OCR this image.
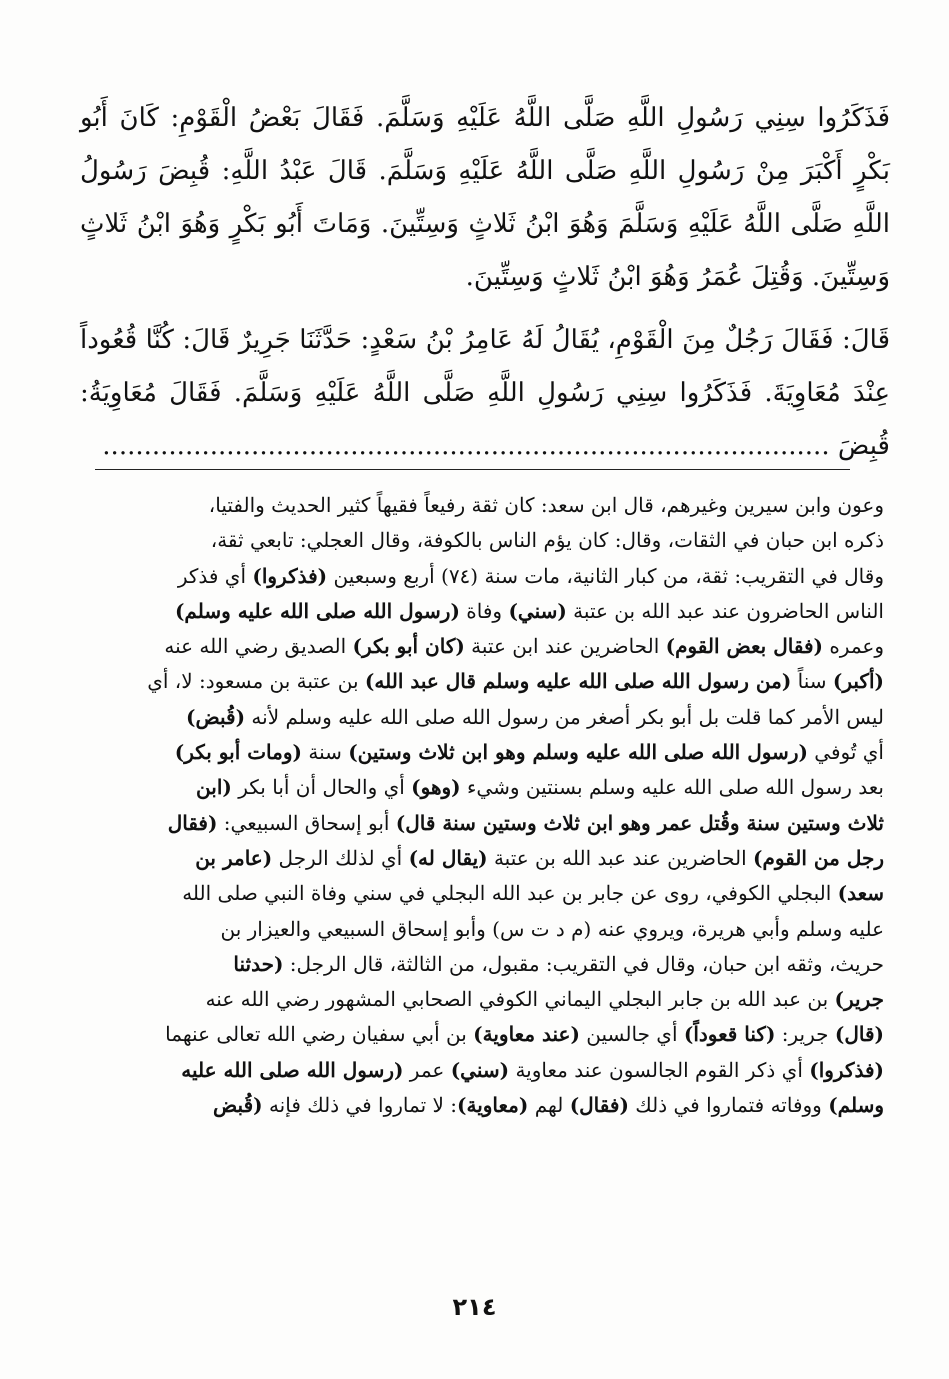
فَذَكَرُوا سِنِي رَسُولِ اللَّهِ صَلَّى اللَّهُ عَلَيْهِ وَسَلَّمَ. فَقَالَ بَعْضُ الْقَوْمِ: كَانَ أَبُو بَكْرٍ أَكْبَرَ مِنْ رَسُولِ اللَّهِ صَلَّى اللَّهُ عَلَيْهِ وَسَلَّمَ. قَالَ عَبْدُ اللَّهِ: قُبِضَ رَسُولُ اللَّهِ صَلَّى اللَّهُ عَلَيْهِ وَسَلَّمَ وَهُوَ ابْنُ ثَلاثٍ وَسِتِّينَ. وَمَاتَ أَبُو بَكْرٍ وَهُوَ ابْنُ ثَلاثٍ وَسِتِّينَ. وَقُتِلَ عُمَرُ وَهُوَ ابْنُ ثَلاثٍ وَسِتِّينَ.

قَالَ: فَقَالَ رَجُلٌ مِنَ الْقَوْمِ، يُقَالُ لَهُ عَامِرُ بْنُ سَعْدٍ: حَدَّثَنَا جَرِيرٌ قَالَ: كُنَّا قُعُوداً عِنْدَ مُعَاوِيَةَ. فَذَكَرُوا سِنِي رَسُولِ اللَّهِ صَلَّى اللَّهُ عَلَيْهِ وَسَلَّمَ. فَقَالَ مُعَاوِيَةُ: قُبِضَ ........................................................................................

وعون وابن سيرين وغيرهم، قال ابن سعد: كان ثقة رفيعاً فقيهاً كثير الحديث والفتيا،
ذكره ابن حبان في الثقات، وقال: كان يؤم الناس بالكوفة، وقال العجلي: تابعي ثقة،
وقال في التقريب: ثقة، من كبار الثانية، مات سنة (٧٤) أربع وسبعين (فذكروا) أي فذكر
الناس الحاضرون عند عبد الله بن عتبة (سني) وفاة (رسول الله صلى الله عليه وسلم)
وعمره (فقال بعض القوم) الحاضرين عند ابن عتبة (كان أبو بكر) الصديق رضي الله عنه
(أكبر) سناً (من رسول الله صلى الله عليه وسلم قال عبد الله) بن عتبة بن مسعود: لا، أي
ليس الأمر كما قلت بل أبو بكر أصغر من رسول الله صلى الله عليه وسلم لأنه (قُبض)
أي تُوفي (رسول الله صلى الله عليه وسلم وهو ابن ثلاث وستين) سنة (ومات أبو بكر)
بعد رسول الله صلى الله عليه وسلم بسنتين وشيء (وهو) أي والحال أن أبا بكر (ابن
ثلاث وستين سنة وقُتل عمر وهو ابن ثلاث وستين سنة قال) أبو إسحاق السبيعي: (فقال
رجل من القوم) الحاضرين عند عبد الله بن عتبة (يقال له) أي لذلك الرجل (عامر بن
سعد) البجلي الكوفي، روى عن جابر بن عبد الله البجلي في سني وفاة النبي صلى الله
عليه وسلم وأبي هريرة، ويروي عنه (م د ت س) وأبو إسحاق السبيعي والعيزار بن
حريث، وثقه ابن حبان، وقال في التقريب: مقبول، من الثالثة، قال الرجل: (حدثنا
جرير) بن عبد الله بن جابر البجلي اليماني الكوفي الصحابي المشهور رضي الله عنه
(قال) جرير: (كنا قعوداً) أي جالسين (عند معاوية) بن أبي سفيان رضي الله تعالى عنهما
(فذكروا) أي ذكر القوم الجالسون عند معاوية (سني) عمر (رسول الله صلى الله عليه
وسلم) ووفاته فتماروا في ذلك (فقال) لهم (معاوية): لا تماروا في ذلك فإنه (قُبض
٢١٤
